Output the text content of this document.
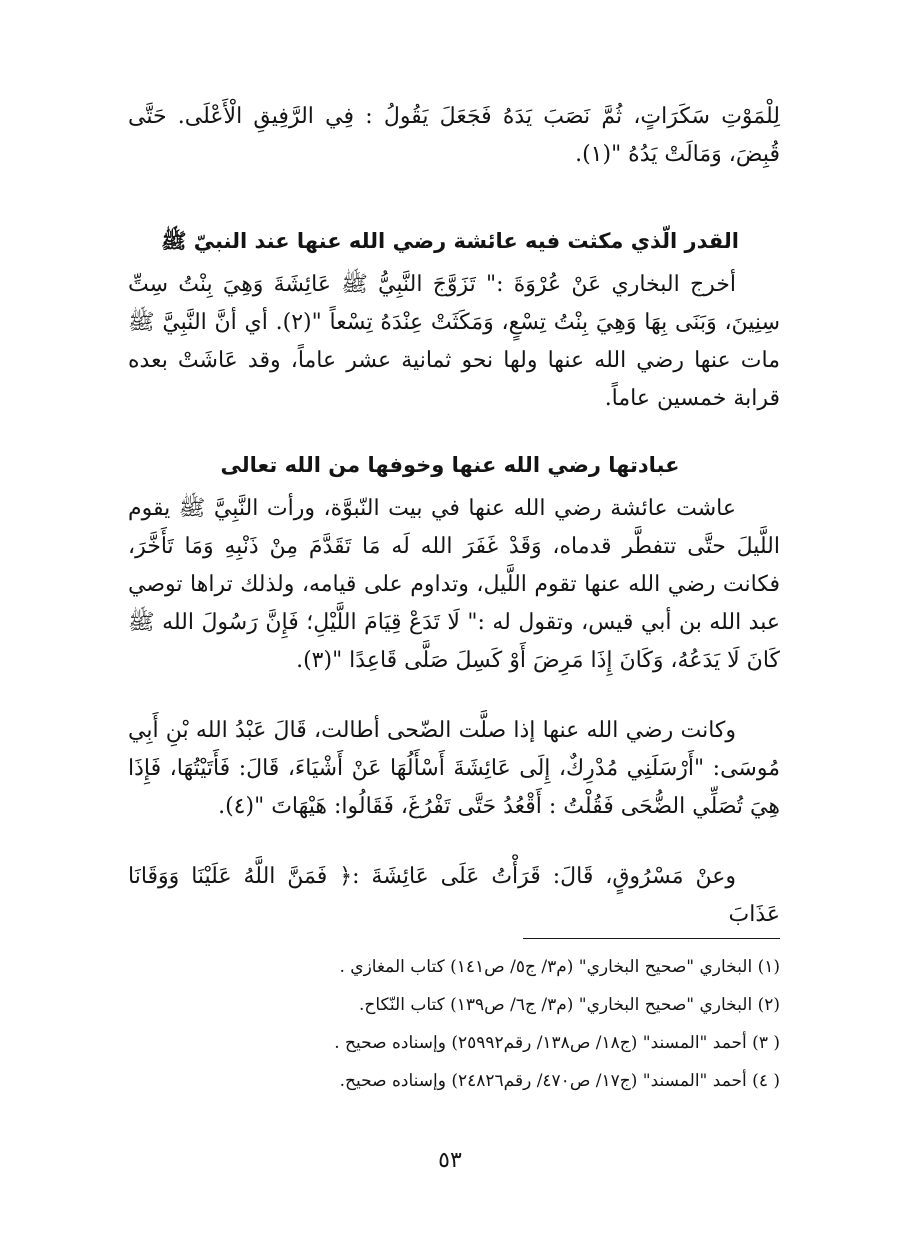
لِلْمَوْتِ سَكَرَاتٍ، ثُمَّ نَصَبَ يَدَهُ فَجَعَلَ يَقُولُ : فِي الرَّفِيقِ الْأَعْلَى. حَتَّى قُبِضَ، وَمَالَتْ يَدُهُ "(١).

القدر الّذي مكثت فيه عائشة رضي الله عنها عند النبيّ ﷺ

أخرج البخاري عَنْ عُرْوَةَ :" تَزَوَّجَ النَّبِيُّ ﷺ عَائِشَةَ وَهِيَ بِنْتُ سِتِّ سِنِينَ، وَبَنَى بِهَا وَهِيَ بِنْتُ تِسْعٍ، وَمَكَثَتْ عِنْدَهُ تِسْعاً "(٢). أي أنَّ النَّبِيَّ ﷺ مات عنها رضي الله عنها ولها نحو ثمانية عشر عاماً، وقد عَاشَتْ بعده قرابة خمسين عاماً.

عبادتها رضي الله عنها وخوفها من الله تعالى

عاشت عائشة رضي الله عنها في بيت النّبوَّة، ورأت النَّبِيَّ ﷺ يقوم اللَّيلَ حتَّى تتفطَّر قدماه، وَقَدْ غَفَرَ الله لَه مَا تَقَدَّمَ مِنْ ذَنْبِهِ وَمَا تَأَخَّرَ، فكانت رضي الله عنها تقوم اللَّيل، وتداوم على قيامه، ولذلك تراها توصي عبد الله بن أبي قيس، وتقول له :" لَا تَدَعْ قِيَامَ اللَّيْلِ؛ فَإِنَّ رَسُولَ الله ﷺ كَانَ لَا يَدَعُهُ، وَكَانَ إِذَا مَرِضَ أَوْ كَسِلَ صَلَّى قَاعِدًا "(٣).

وكانت رضي الله عنها إذا صلَّت الضّحى أطالت، قَالَ عَبْدُ الله بْنِ أَبِي مُوسَى: "أَرْسَلَنِي مُدْرِكٌ، إِلَى عَائِشَةَ أَسْأَلُهَا عَنْ أَشْيَاءَ، قَالَ: فَأَتَيْتُهَا، فَإِذَا هِيَ تُصَلِّي الضُّحَى فَقُلْتُ : أَقْعُدُ حَتَّى تَفْرُغَ، فَقَالُوا: هَيْهَاتَ "(٤).

وعنْ مَسْرُوقٍ، قَالَ: قَرَأْتُ عَلَى عَائِشَةَ :﴿ فَمَنَّ اللَّهُ عَلَيْنَا وَوَقَانَا عَذَابَ

(١) البخاري "صحيح البخاري" (م٣/ ج٥/ ص١٤١) كتاب المغازي .
(٢) البخاري "صحيح البخاري" (م٣/ ج٦/ ص١٣٩) كتاب النّكاح.
( ٣) أحمد "المسند" (ج١٨/ ص١٣٨/ رقم٢٥٩٩٢) وإسناده صحيح .
( ٤) أحمد "المسند" (ج١٧/ ص٤٧٠/ رقم٢٤٨٢٦) وإسناده صحيح.
٥٣
